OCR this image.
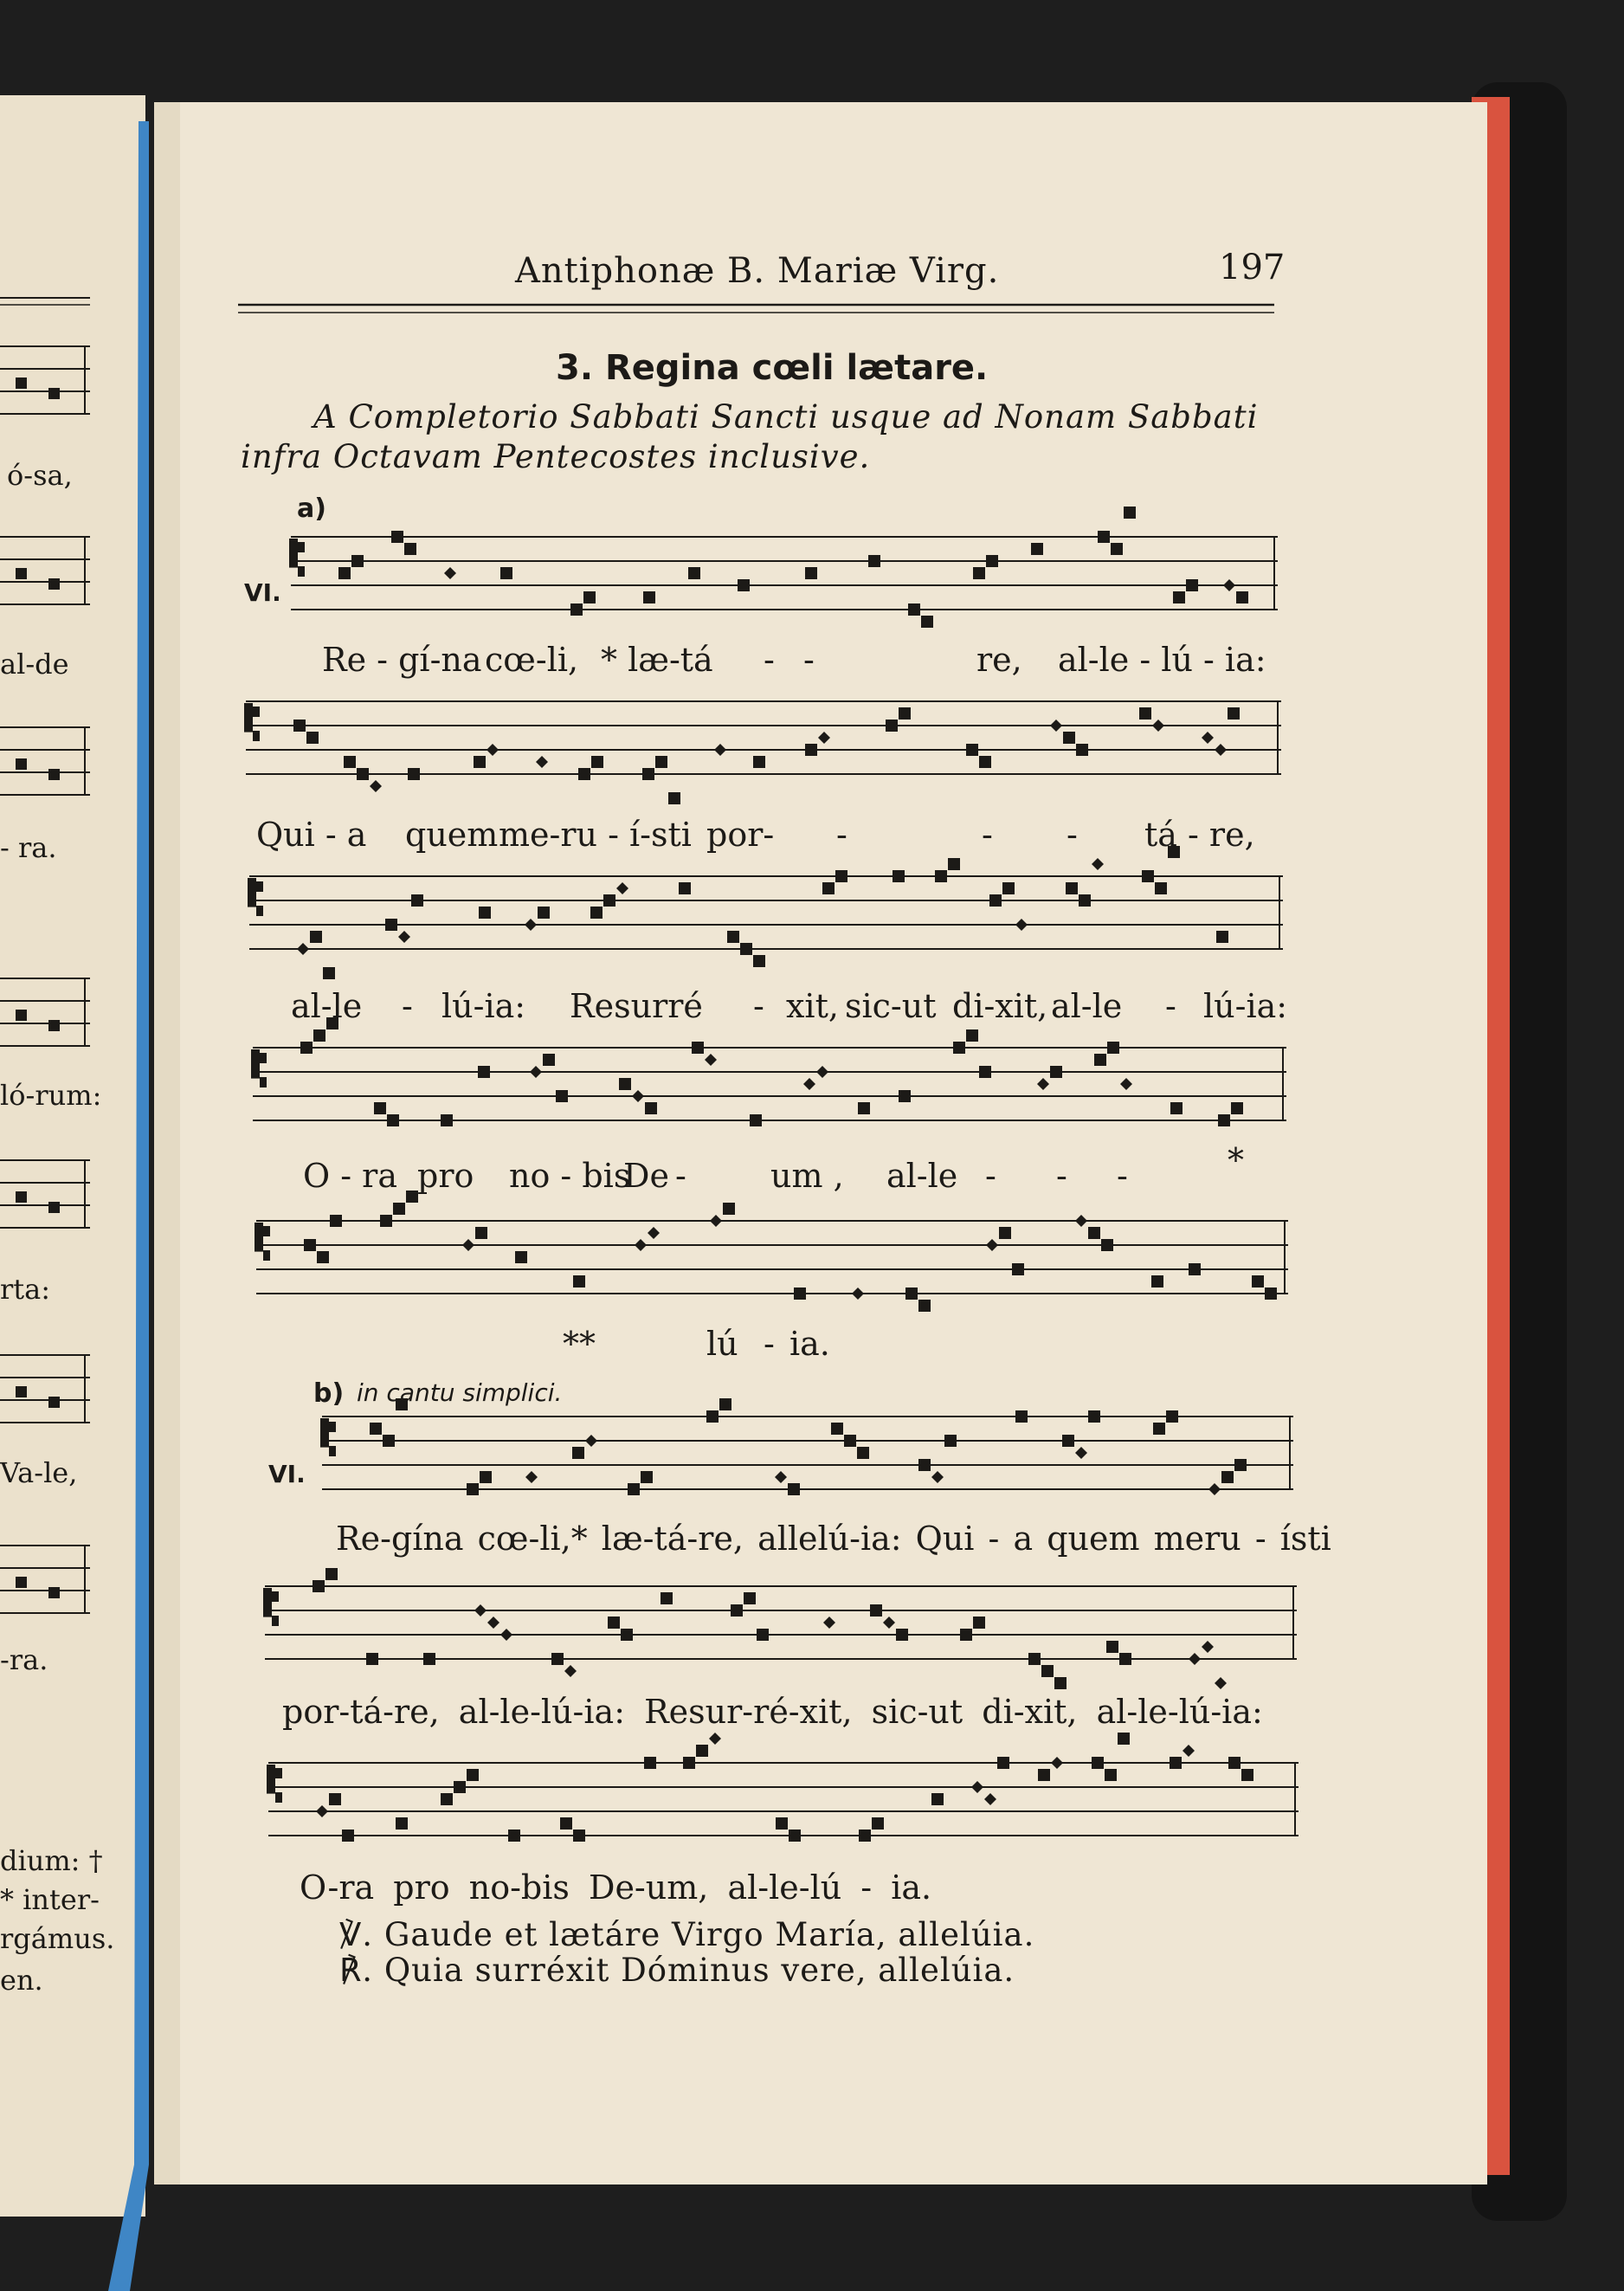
Antiphonæ B. Mariæ Virg.	197
3. Regina cœli lætare.
A Completorio Sabbati Sancti usque ad Nonam Sabbati
infra Octavam Pentecostes inclusive.
a)
VI.
b) in cantu simplici.
VI.
Re - gí-na cœ-li, * læ-tá - -	re, al-le - lú - ia:
Qui - a quem me-ru - í-sti por- -	- - tá - re,
al-le - lú-ia: Resurré - xit, sic-ut di-xit, al-le - lú-ia:
O - ra pro no - bis
De -	um , al-le - - -	*
**	lú - ia.
Re-gína cœ-li,* læ-tá-re, allelú-ia: Qui - a quem meru - ísti
por-tá-re, al-le-lú-ia: Resur-ré-xit, sic-ut di-xit, al-le-lú-ia:
O-ra pro no-bis De-um, al-le-lú - ia.
℣. Gaude et lætáre Virgo María, allelúia.
℟. Quia surréxit Dóminus vere, allelúia.
ó-sa,
al-de
- ra.
ló-rum:
rta:
Va-le,
-ra.
dium: †
* inter-
rgámus.
en.
